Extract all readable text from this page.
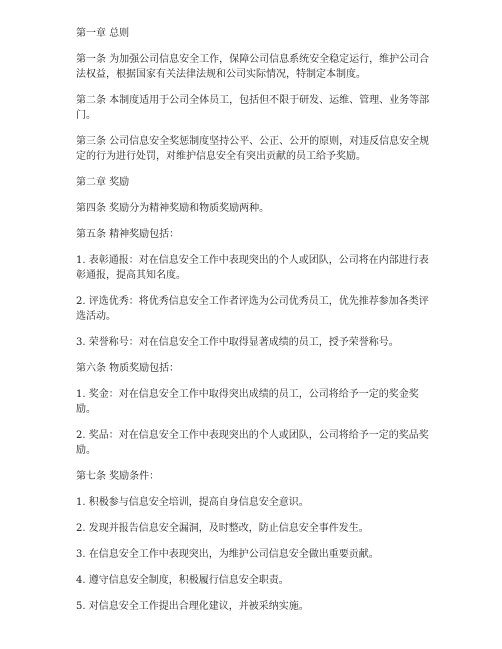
第一章 总则

第一条 为加强公司信息安全工作，保障公司信息系统安全稳定运行，维护公司合法权益，根据国家有关法律法规和公司实际情况，特制定本制度。

第二条 本制度适用于公司全体员工，包括但不限于研发、运维、管理、业务等部门。

第三条 公司信息安全奖惩制度坚持公平、公正、公开的原则，对违反信息安全规定的行为进行处罚，对维护信息安全有突出贡献的员工给予奖励。

第二章 奖励

第四条 奖励分为精神奖励和物质奖励两种。

第五条 精神奖励包括：

1. 表彰通报：对在信息安全工作中表现突出的个人或团队，公司将在内部进行表彰通报，提高其知名度。

2. 评选优秀：将优秀信息安全工作者评选为公司优秀员工，优先推荐参加各类评选活动。

3. 荣誉称号：对在信息安全工作中取得显著成绩的员工，授予荣誉称号。

第六条 物质奖励包括：

1. 奖金：对在信息安全工作中取得突出成绩的员工，公司将给予一定的奖金奖励。

2. 奖品：对在信息安全工作中表现突出的个人或团队，公司将给予一定的奖品奖励。

第七条 奖励条件：

1. 积极参与信息安全培训，提高自身信息安全意识。

2. 发现并报告信息安全漏洞，及时整改，防止信息安全事件发生。

3. 在信息安全工作中表现突出，为维护公司信息安全做出重要贡献。

4. 遵守信息安全制度，积极履行信息安全职责。

5. 对信息安全工作提出合理化建议，并被采纳实施。
